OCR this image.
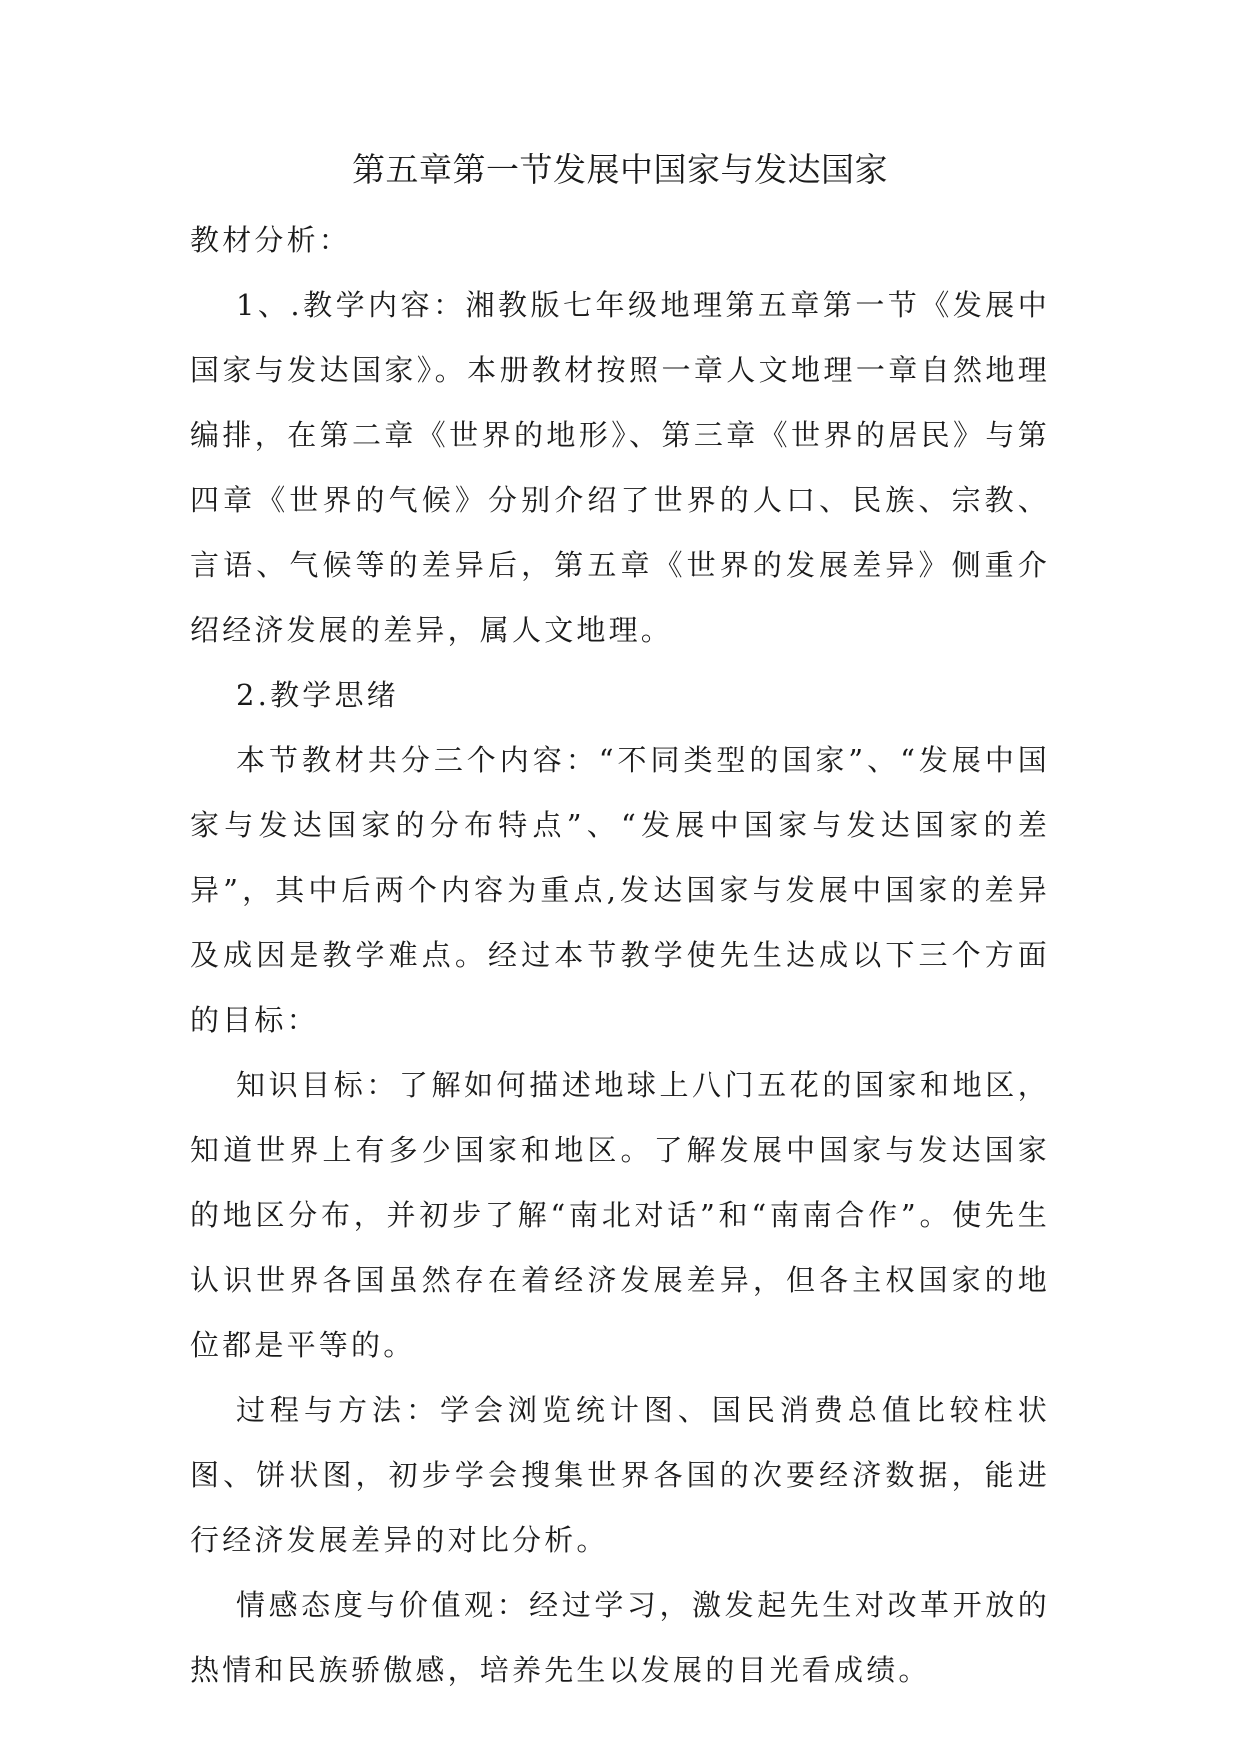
第五章第一节发展中国家与发达国家

教材分析：

1、.教学内容：湘教版七年级地理第五章第一节《发展中国家与发达国家》。本册教材按照一章人文地理一章自然地理编排，在第二章《世界的地形》、第三章《世界的居民》与第四章《世界的气候》分别介绍了世界的人口、民族、宗教、言语、气候等的差异后，第五章《世界的发展差异》侧重介绍经济发展的差异，属人文地理。

2.教学思绪

本节教材共分三个内容：“不同类型的国家”、“发展中国家与发达国家的分布特点”、“发展中国家与发达国家的差异”，其中后两个内容为重点,发达国家与发展中国家的差异及成因是教学难点。经过本节教学使先生达成以下三个方面的目标：

知识目标：了解如何描述地球上八门五花的国家和地区，知道世界上有多少国家和地区。了解发展中国家与发达国家的地区分布，并初步了解“南北对话”和“南南合作”。使先生认识世界各国虽然存在着经济发展差异，但各主权国家的地位都是平等的。

过程与方法：学会浏览统计图、国民消费总值比较柱状图、饼状图，初步学会搜集世界各国的次要经济数据，能进行经济发展差异的对比分析。

情感态度与价值观：经过学习，激发起先生对改革开放的热情和民族骄傲感，培养先生以发展的目光看成绩。
